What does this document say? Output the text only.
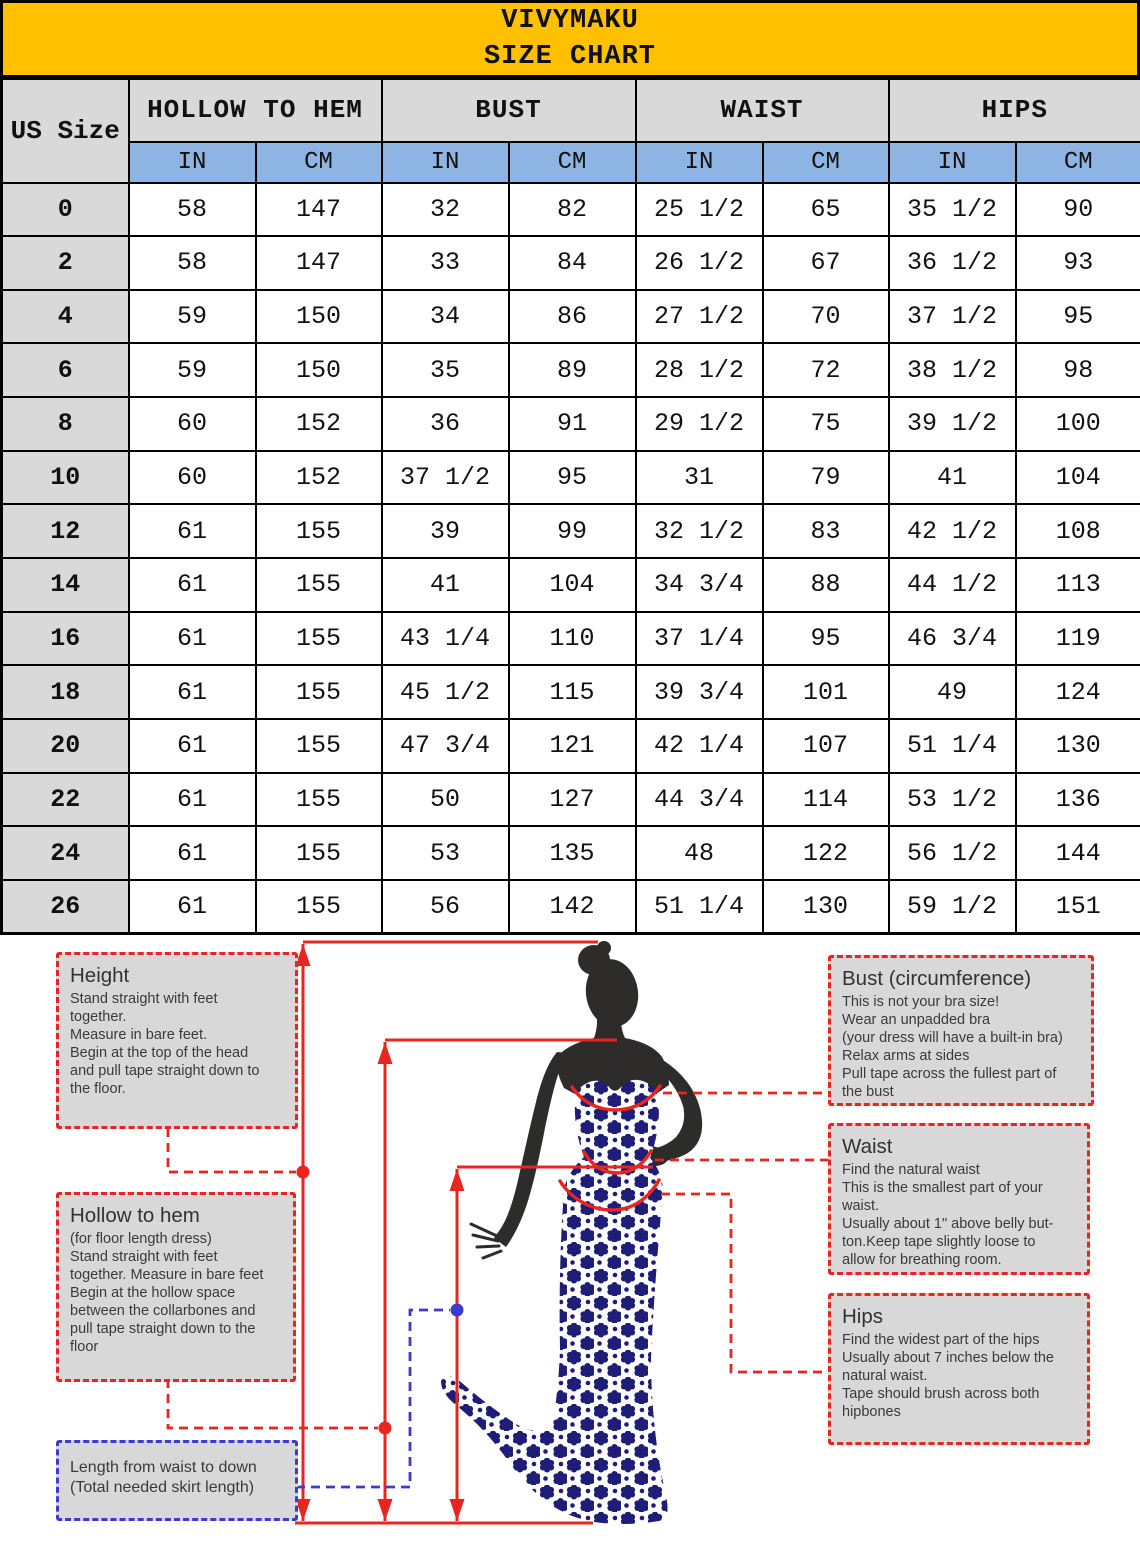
VIVYMAKU
SIZE CHART
US Size	HOLLOW TO HEM		BUST		WAIST		HIPS	
	IN	CM	IN	CM	IN	CM	IN	CM
0	58	147	32	82	25 1/2	65	35 1/2	90
2	58	147	33	84	26 1/2	67	36 1/2	93
4	59	150	34	86	27 1/2	70	37 1/2	95
6	59	150	35	89	28 1/2	72	38 1/2	98
8	60	152	36	91	29 1/2	75	39 1/2	100
10	60	152	37 1/2	95	31	79	41	104
12	61	155	39	99	32 1/2	83	42 1/2	108
14	61	155	41	104	34 3/4	88	44 1/2	113
16	61	155	43 1/4	110	37 1/4	95	46 3/4	119
18	61	155	45 1/2	115	39 3/4	101	49	124
20	61	155	47 3/4	121	42 1/4	107	51 1/4	130
22	61	155	50	127	44 3/4	114	53 1/2	136
24	61	155	53	135	48	122	56 1/2	144
26	61	155	56	142	51 1/4	130	59 1/2	151
Height
Stand straight with feet
together.
Measure in bare feet.
Begin at the top of the head
and pull tape straight down to
the floor.
Hollow to hem
(for floor length dress)
Stand straight with feet
together. Measure in bare feet
Begin at the hollow space
between the collarbones and
pull tape straight down to the
floor
Length from waist to down
(Total needed skirt length)
Bust (circumference)
This is not your bra size!
Wear an unpadded bra
(your dress will have a built-in bra)
Relax arms at sides
Pull tape across the fullest part of
the bust
Waist
Find the natural waist
This is the smallest part of your
waist.
Usually about 1" above belly but-
ton.Keep tape slightly loose to
allow for breathing room.
Hips
Find the widest part of the hips
Usually about 7 inches below the
natural waist.
Tape should brush across both
hipbones
